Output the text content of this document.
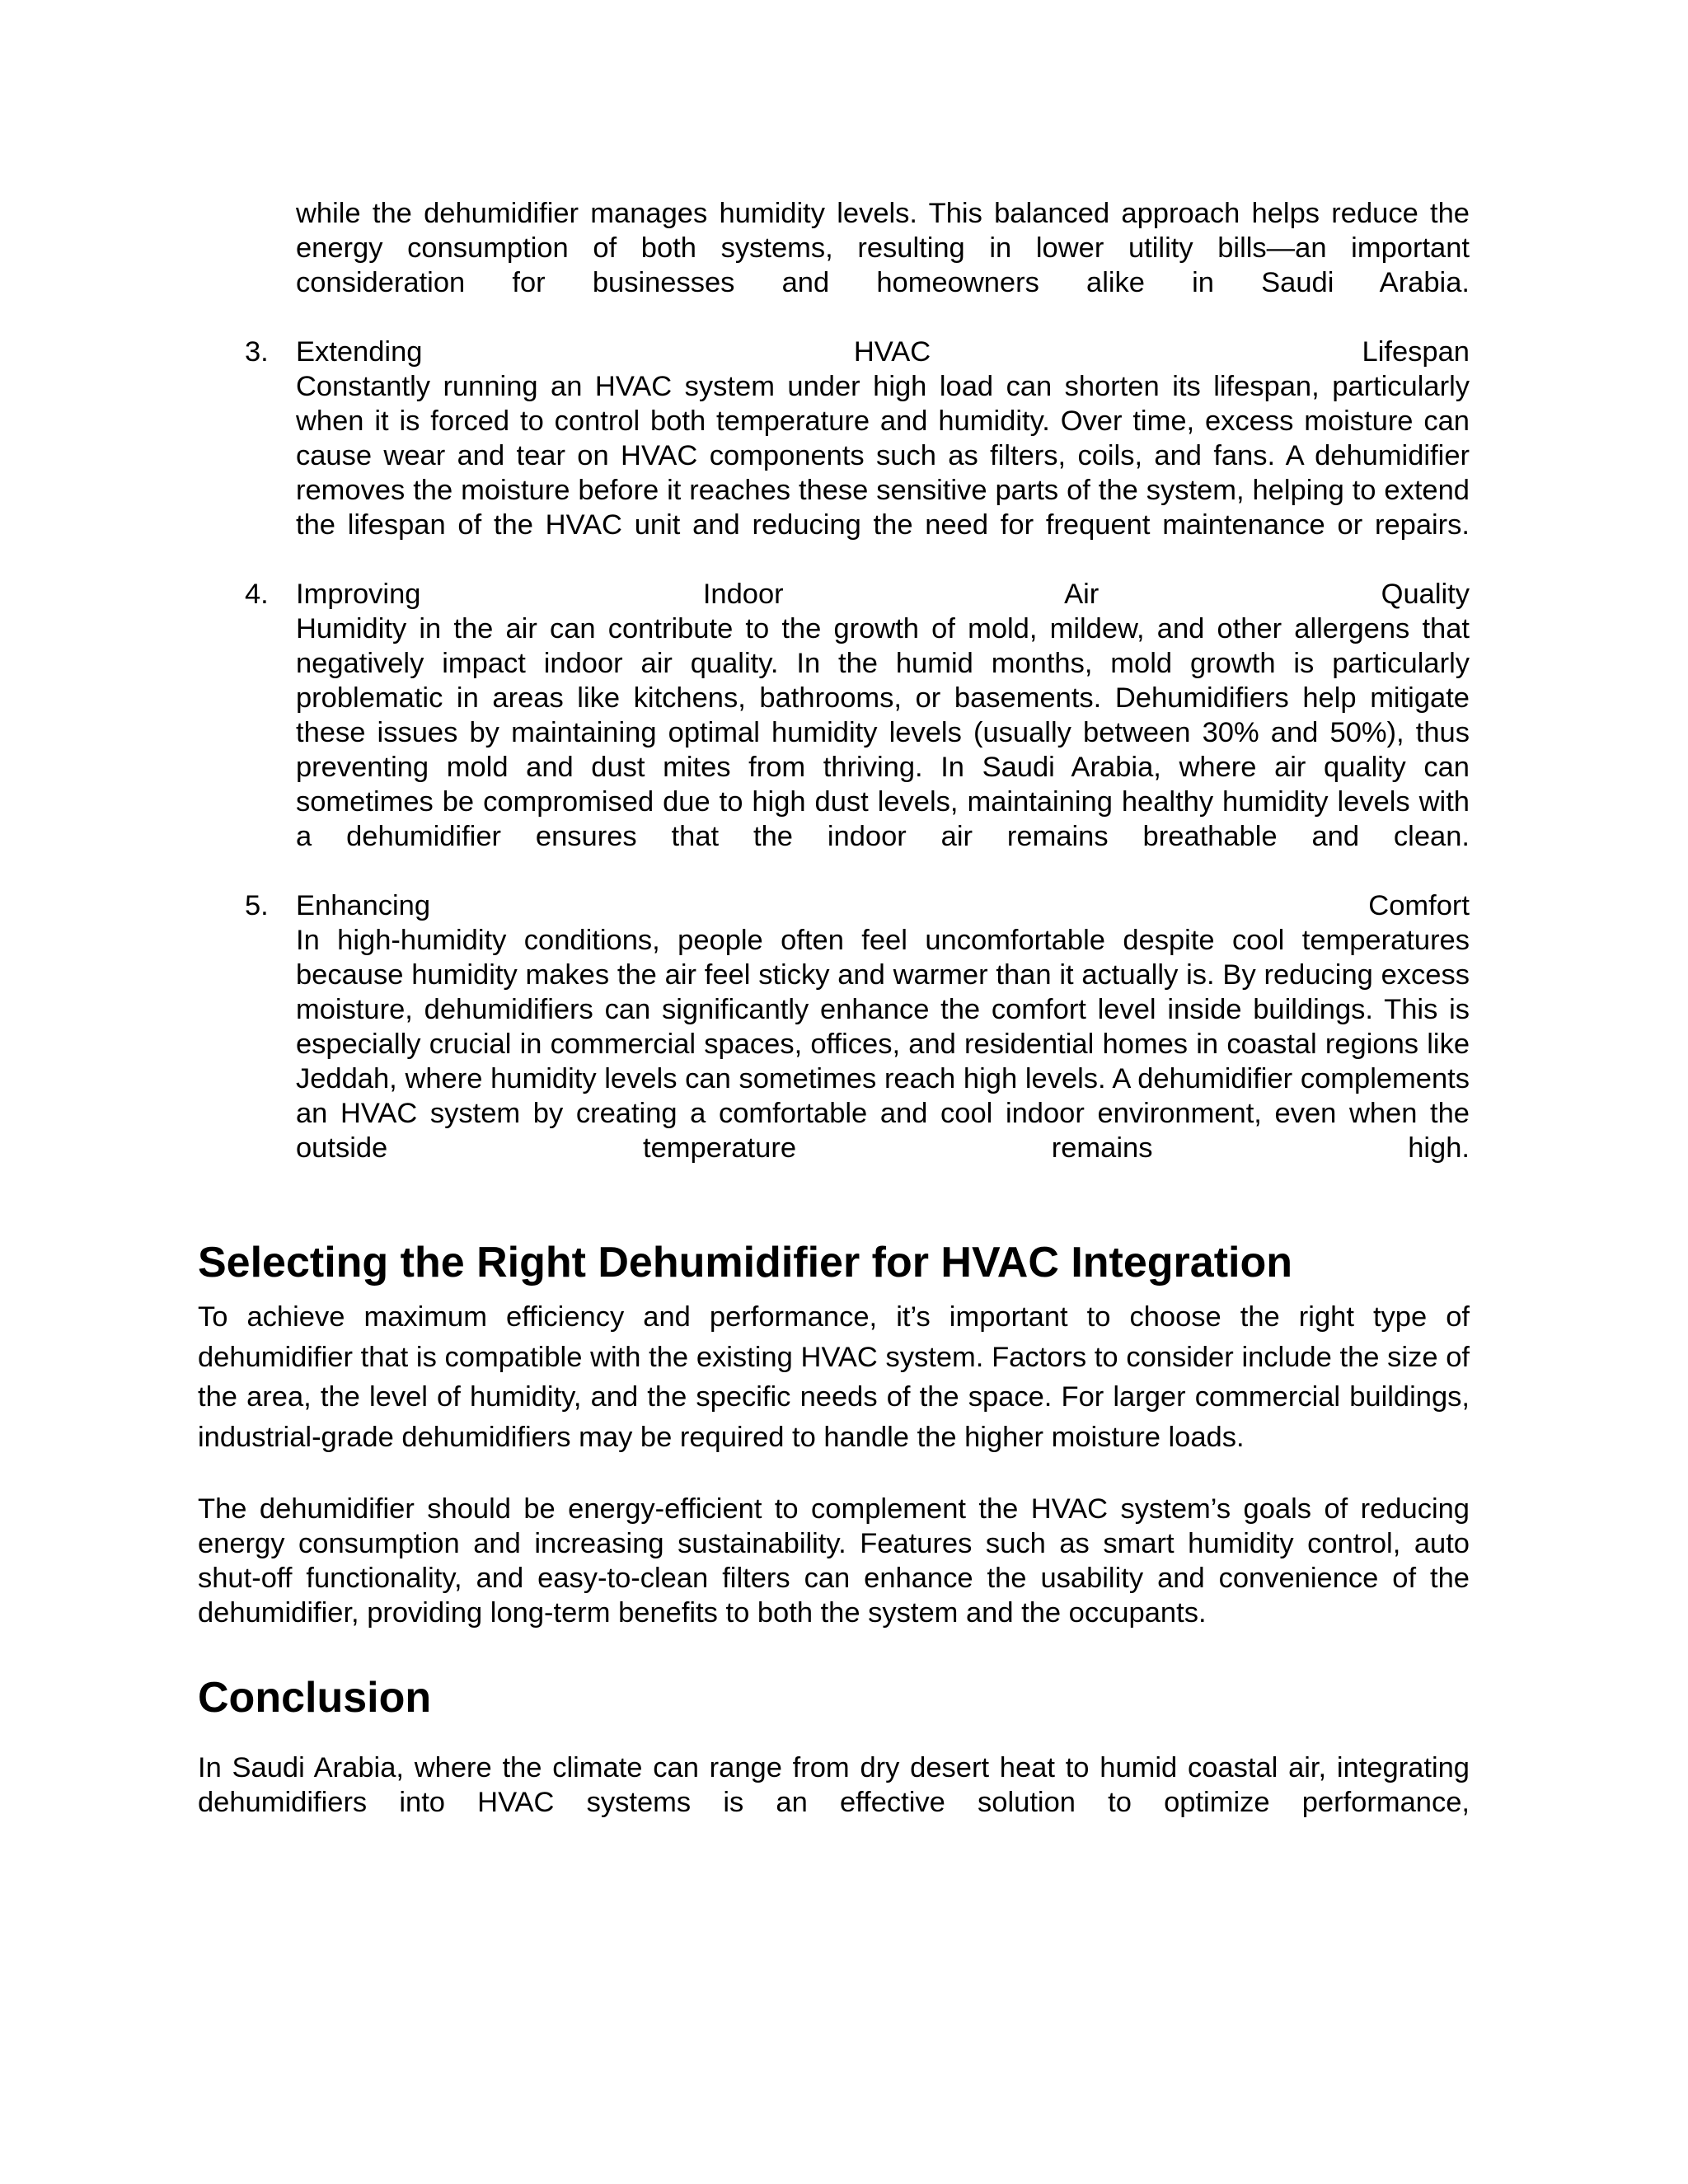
while the dehumidifier manages humidity levels. This balanced approach helps reduce the energy consumption of both systems, resulting in lower utility bills—an important consideration for businesses and homeowners alike in Saudi Arabia.
3. Extending HVAC Lifespan
Constantly running an HVAC system under high load can shorten its lifespan, particularly when it is forced to control both temperature and humidity. Over time, excess moisture can cause wear and tear on HVAC components such as filters, coils, and fans. A dehumidifier removes the moisture before it reaches these sensitive parts of the system, helping to extend the lifespan of the HVAC unit and reducing the need for frequent maintenance or repairs.
4. Improving Indoor Air Quality
Humidity in the air can contribute to the growth of mold, mildew, and other allergens that negatively impact indoor air quality. In the humid months, mold growth is particularly problematic in areas like kitchens, bathrooms, or basements. Dehumidifiers help mitigate these issues by maintaining optimal humidity levels (usually between 30% and 50%), thus preventing mold and dust mites from thriving. In Saudi Arabia, where air quality can sometimes be compromised due to high dust levels, maintaining healthy humidity levels with a dehumidifier ensures that the indoor air remains breathable and clean.
5. Enhancing Comfort
In high-humidity conditions, people often feel uncomfortable despite cool temperatures because humidity makes the air feel sticky and warmer than it actually is. By reducing excess moisture, dehumidifiers can significantly enhance the comfort level inside buildings. This is especially crucial in commercial spaces, offices, and residential homes in coastal regions like Jeddah, where humidity levels can sometimes reach high levels. A dehumidifier complements an HVAC system by creating a comfortable and cool indoor environment, even when the outside temperature remains high.
Selecting the Right Dehumidifier for HVAC Integration

To achieve maximum efficiency and performance, it’s important to choose the right type of dehumidifier that is compatible with the existing HVAC system. Factors to consider include the size of the area, the level of humidity, and the specific needs of the space. For larger commercial buildings, industrial-grade dehumidifiers may be required to handle the higher moisture loads.

The dehumidifier should be energy-efficient to complement the HVAC system’s goals of reducing energy consumption and increasing sustainability. Features such as smart humidity control, auto shut-off functionality, and easy-to-clean filters can enhance the usability and convenience of the dehumidifier, providing long-term benefits to both the system and the occupants.

Conclusion

In Saudi Arabia, where the climate can range from dry desert heat to humid coastal air, integrating dehumidifiers into HVAC systems is an effective solution to optimize performance,
